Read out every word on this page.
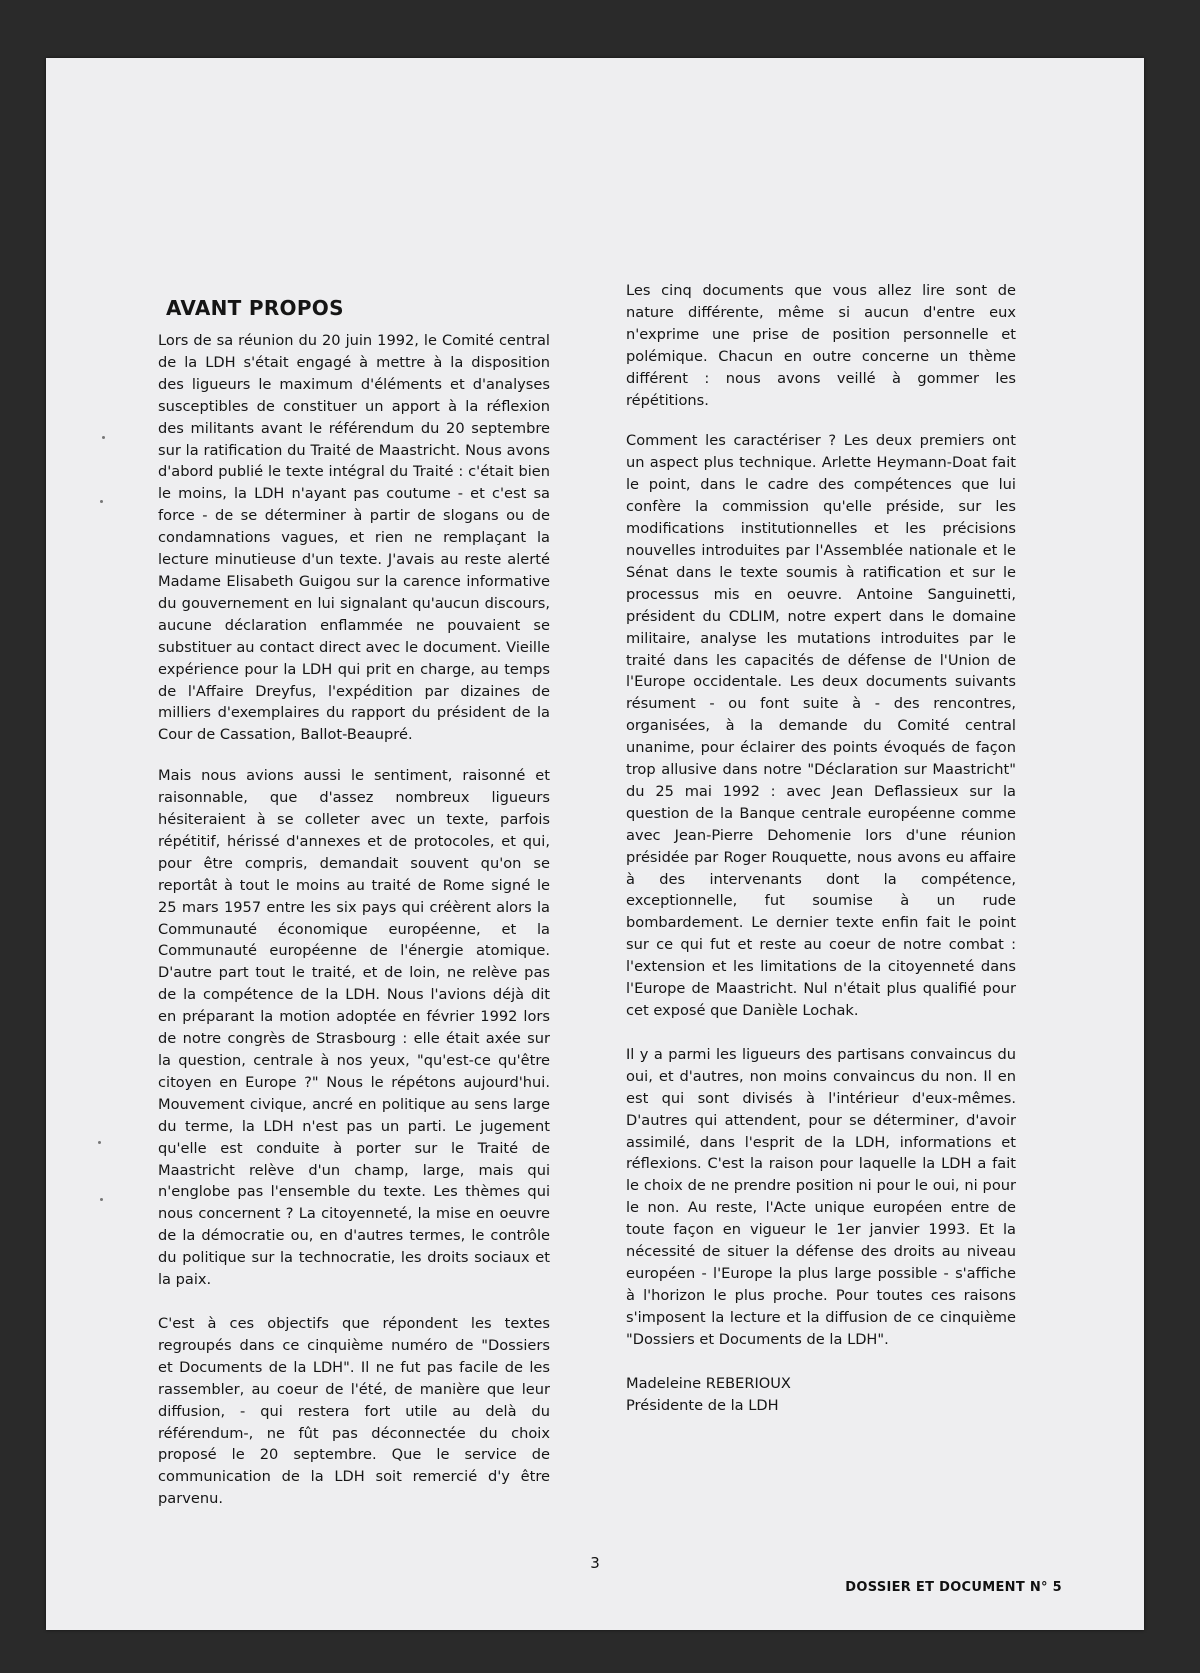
AVANT PROPOS

Lors de sa réunion du 20 juin 1992, le Comité central de la LDH s'était engagé à mettre à la disposition des ligueurs le maximum d'éléments et d'analyses susceptibles de constituer un apport à la réflexion des militants avant le référendum du 20 septembre sur la ratification du Traité de Maastricht. Nous avons d'abord publié le texte intégral du Traité : c'était bien le moins, la LDH n'ayant pas coutume - et c'est sa force - de se déterminer à partir de slogans ou de condamnations vagues, et rien ne remplaçant la lecture minutieuse d'un texte. J'avais au reste alerté Madame Elisabeth Guigou sur la carence informative du gouvernement en lui signalant qu'aucun discours, aucune déclaration enflammée ne pouvaient se substituer au contact direct avec le document. Vieille expérience pour la LDH qui prit en charge, au temps de l'Affaire Dreyfus, l'expédition par dizaines de milliers d'exemplaires du rapport du président de la Cour de Cassation, Ballot-Beaupré.

Mais nous avions aussi le sentiment, raisonné et raisonnable, que d'assez nombreux ligueurs hésiteraient à se colleter avec un texte, parfois répétitif, hérissé d'annexes et de protocoles, et qui, pour être compris, demandait souvent qu'on se reportât à tout le moins au traité de Rome signé le 25 mars 1957 entre les six pays qui créèrent alors la Communauté économique européenne, et la Communauté européenne de l'énergie atomique. D'autre part tout le traité, et de loin, ne relève pas de la compétence de la LDH. Nous l'avions déjà dit en préparant la motion adoptée en février 1992 lors de notre congrès de Strasbourg : elle était axée sur la question, centrale à nos yeux, "qu'est-ce qu'être citoyen en Europe ?" Nous le répétons aujourd'hui. Mouvement civique, ancré en politique au sens large du terme, la LDH n'est pas un parti. Le jugement qu'elle est conduite à porter sur le Traité de Maastricht relève d'un champ, large, mais qui n'englobe pas l'ensemble du texte. Les thèmes qui nous concernent ? La citoyenneté, la mise en oeuvre de la démocratie ou, en d'autres termes, le contrôle du politique sur la technocratie, les droits sociaux et la paix.

C'est à ces objectifs que répondent les textes regroupés dans ce cinquième numéro de "Dossiers et Documents de la LDH". Il ne fut pas facile de les rassembler, au coeur de l'été, de manière que leur diffusion, - qui restera fort utile au delà du référendum-, ne fût pas déconnectée du choix proposé le 20 septembre. Que le service de communication de la LDH soit remercié d'y être parvenu.

Les cinq documents que vous allez lire sont de nature différente, même si aucun d'entre eux n'exprime une prise de position personnelle et polémique. Chacun en outre concerne un thème différent : nous avons veillé à gommer les répétitions.

Comment les caractériser ? Les deux premiers ont un aspect plus technique. Arlette Heymann-Doat fait le point, dans le cadre des compétences que lui confère la commission qu'elle préside, sur les modifications institutionnelles et les précisions nouvelles introduites par l'Assemblée nationale et le Sénat dans le texte soumis à ratification et sur le processus mis en oeuvre. Antoine Sanguinetti, président du CDLIM, notre expert dans le domaine militaire, analyse les mutations introduites par le traité dans les capacités de défense de l'Union de l'Europe occidentale. Les deux documents suivants résument - ou font suite à - des rencontres, organisées, à la demande du Comité central unanime, pour éclairer des points évoqués de façon trop allusive dans notre "Déclaration sur Maastricht" du 25 mai 1992 : avec Jean Deflassieux sur la question de la Banque centrale européenne comme avec Jean-Pierre Dehomenie lors d'une réunion présidée par Roger Rouquette, nous avons eu affaire à des intervenants dont la compétence, exceptionnelle, fut soumise à un rude bombardement. Le dernier texte enfin fait le point sur ce qui fut et reste au coeur de notre combat : l'extension et les limitations de la citoyenneté dans l'Europe de Maastricht. Nul n'était plus qualifié pour cet exposé que Danièle Lochak.

Il y a parmi les ligueurs des partisans convaincus du oui, et d'autres, non moins convaincus du non. Il en est qui sont divisés à l'intérieur d'eux-mêmes. D'autres qui attendent, pour se déterminer, d'avoir assimilé, dans l'esprit de la LDH, informations et réflexions. C'est la raison pour laquelle la LDH a fait le choix de ne prendre position ni pour le oui, ni pour le non. Au reste, l'Acte unique européen entre de toute façon en vigueur le 1er janvier 1993. Et la nécessité de situer la défense des droits au niveau européen - l'Europe la plus large possible - s'affiche à l'horizon le plus proche. Pour toutes ces raisons s'imposent la lecture et la diffusion de ce cinquième "Dossiers et Documents de la LDH".

Madeleine REBERIOUX

Présidente de la LDH

3
DOSSIER ET DOCUMENT N° 5
